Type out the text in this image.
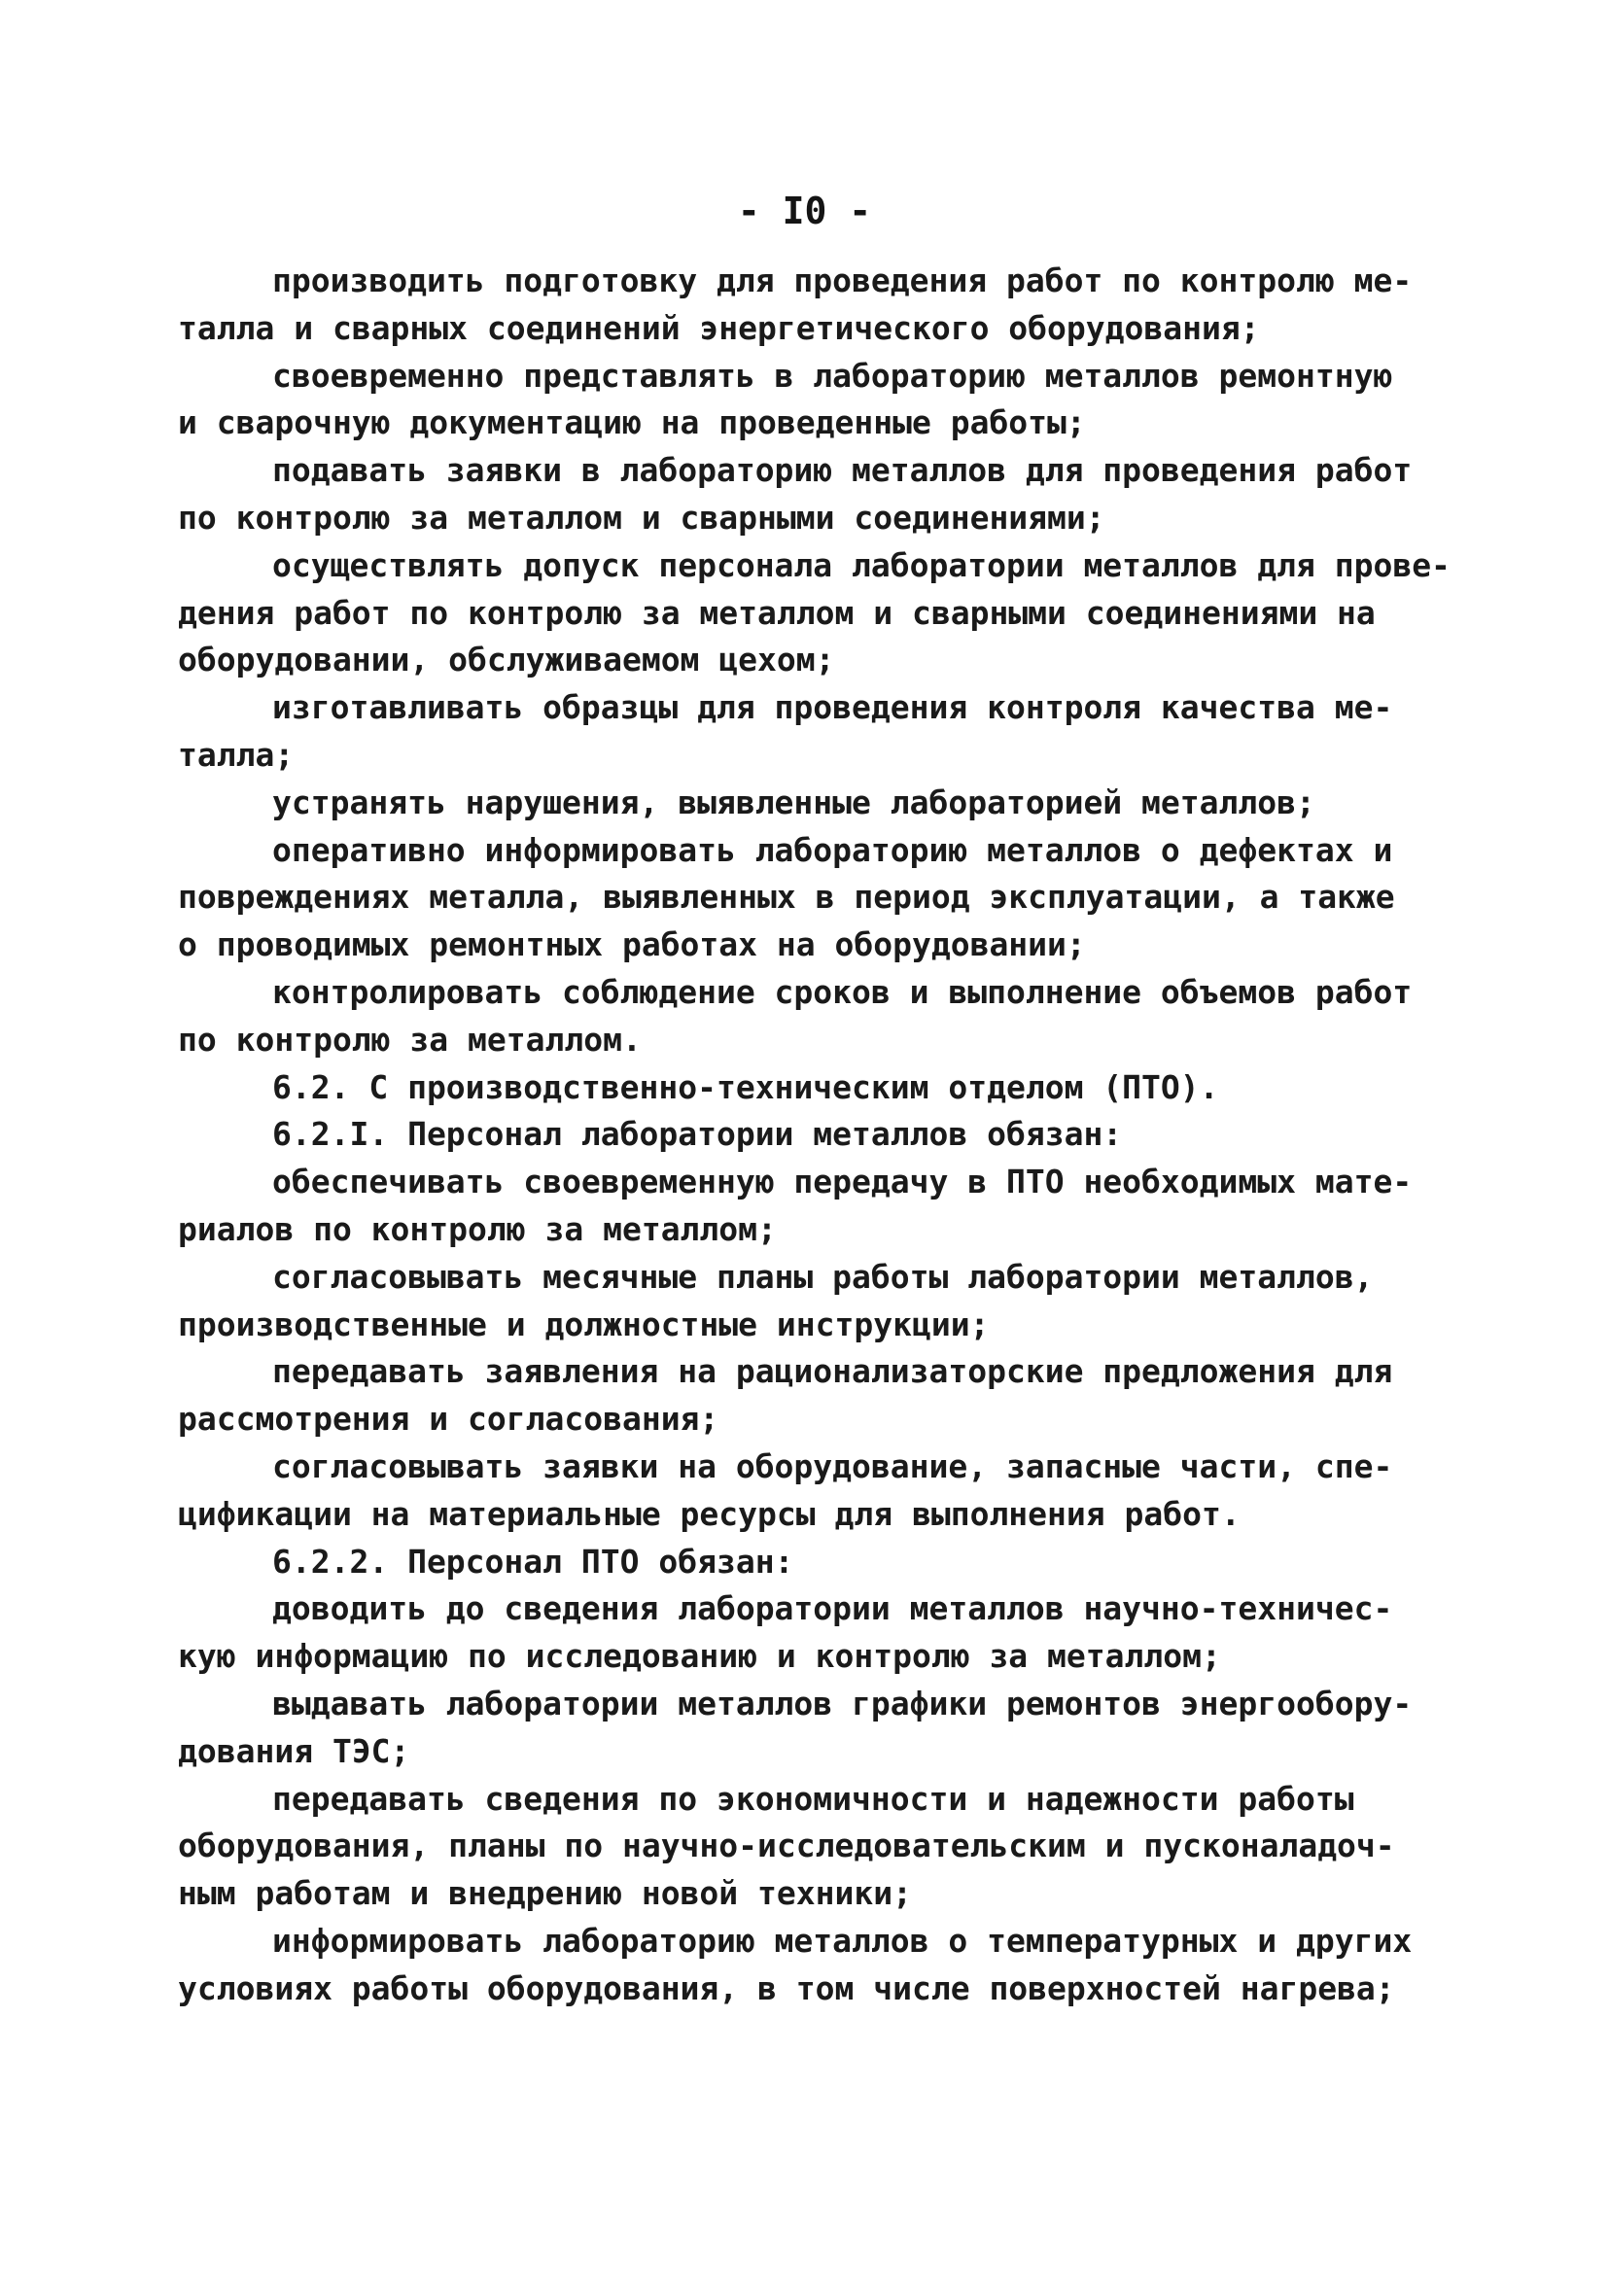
- I0 -
производить подготовку для проведения работ по контролю ме-
талла и сварных соединений энергетического оборудования;
своевременно представлять в лабораторию металлов ремонтную
и сварочную документацию на проведенные работы;
подавать заявки в лабораторию металлов для проведения работ
по контролю за металлом и сварными соединениями;
осуществлять допуск персонала лаборатории металлов для прове-
дения работ по контролю за металлом и сварными соединениями на
оборудовании, обслуживаемом цехом;
изготавливать образцы для проведения контроля качества ме-
талла;
устранять нарушения, выявленные лабораторией металлов;
оперативно информировать лабораторию металлов о дефектах и
повреждениях металла, выявленных в период эксплуатации, а также
о проводимых ремонтных работах на оборудовании;
контролировать соблюдение сроков и выполнение объемов работ
по контролю за металлом.
6.2. С производственно-техническим отделом (ПТО).
6.2.I. Персонал лаборатории металлов обязан:
обеспечивать своевременную передачу в ПТО необходимых мате-
риалов по контролю за металлом;
согласовывать месячные планы работы лаборатории металлов,
производственные и должностные инструкции;
передавать заявления на рационализаторские предложения для
рассмотрения и согласования;
согласовывать заявки на оборудование, запасные части, спе-
цификации на материальные ресурсы для выполнения работ.
6.2.2. Персонал ПТО обязан:
доводить до сведения лаборатории металлов научно-техничес-
кую информацию по исследованию и контролю за металлом;
выдавать лаборатории металлов графики ремонтов энергообору-
дования ТЭС;
передавать сведения по экономичности и надежности работы
оборудования, планы по научно-исследовательским и пусконаладоч-
ным работам и внедрению новой техники;
информировать лабораторию металлов о температурных и других
условиях работы оборудования, в том числе поверхностей нагрева;
